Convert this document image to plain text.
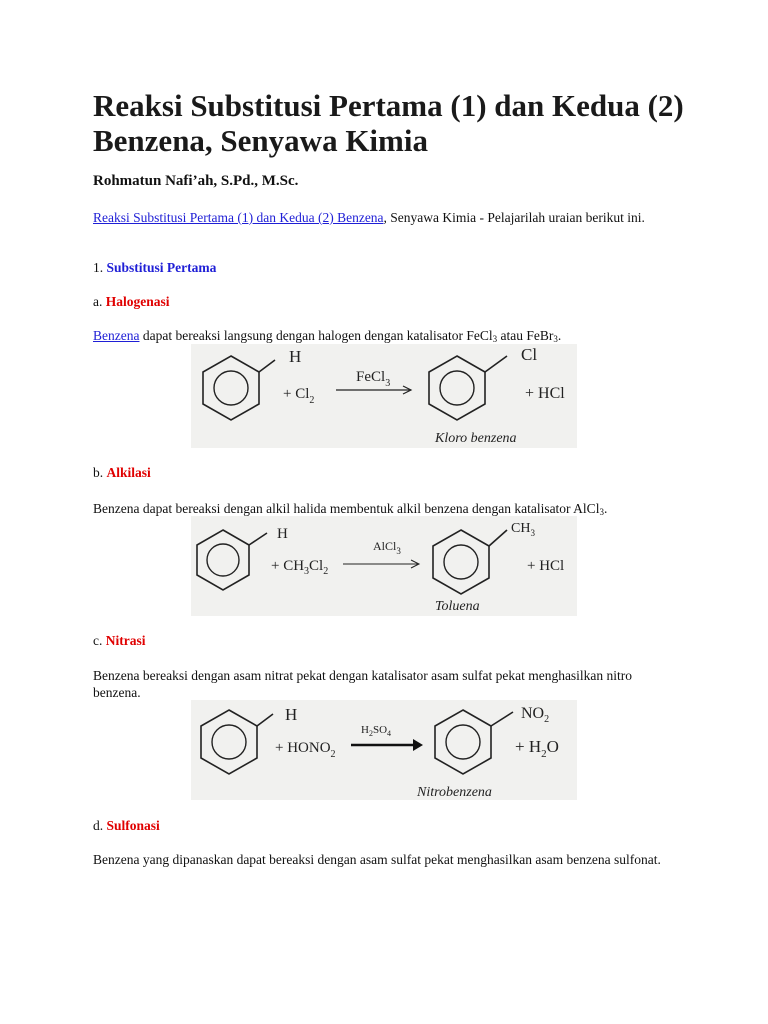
Reaksi Substitusi Pertama (1) dan Kedua (2) Benzena, Senyawa Kimia
Rohmatun Nafi’ah, S.Pd., M.Sc.

Reaksi Substitusi Pertama (1) dan Kedua (2) Benzena, Senyawa Kimia - Pelajarilah uraian berikut ini.

1. Substitusi Pertama

a. Halogenasi

Benzena dapat bereaksi langsung dengan halogen dengan katalisator FeCl$_3$ atau FeBr$_3$.

H
+ $Cl_2$
FeCl$_3$
Cl
+ HCl
Kloro benzena

b. Alkilasi

Benzena dapat bereaksi dengan alkil halida membentuk alkil benzena dengan katalisator AlCl$_3$.

H
+ $CH_3Cl_2$
AlCl$_3$
$CH_3$
+ HCl
Toluena

c. Nitrasi

Benzena bereaksi dengan asam nitrat pekat dengan katalisator asam sulfat pekat menghasilkan nitro benzena.

H
+ $HONO_2$
$H_2SO_4$
$NO_2$
+ $H_2O$
Nitrobenzena

d. Sulfonasi

Benzena yang dipanaskan dapat bereaksi dengan asam sulfat pekat menghasilkan asam benzena sulfonat.
